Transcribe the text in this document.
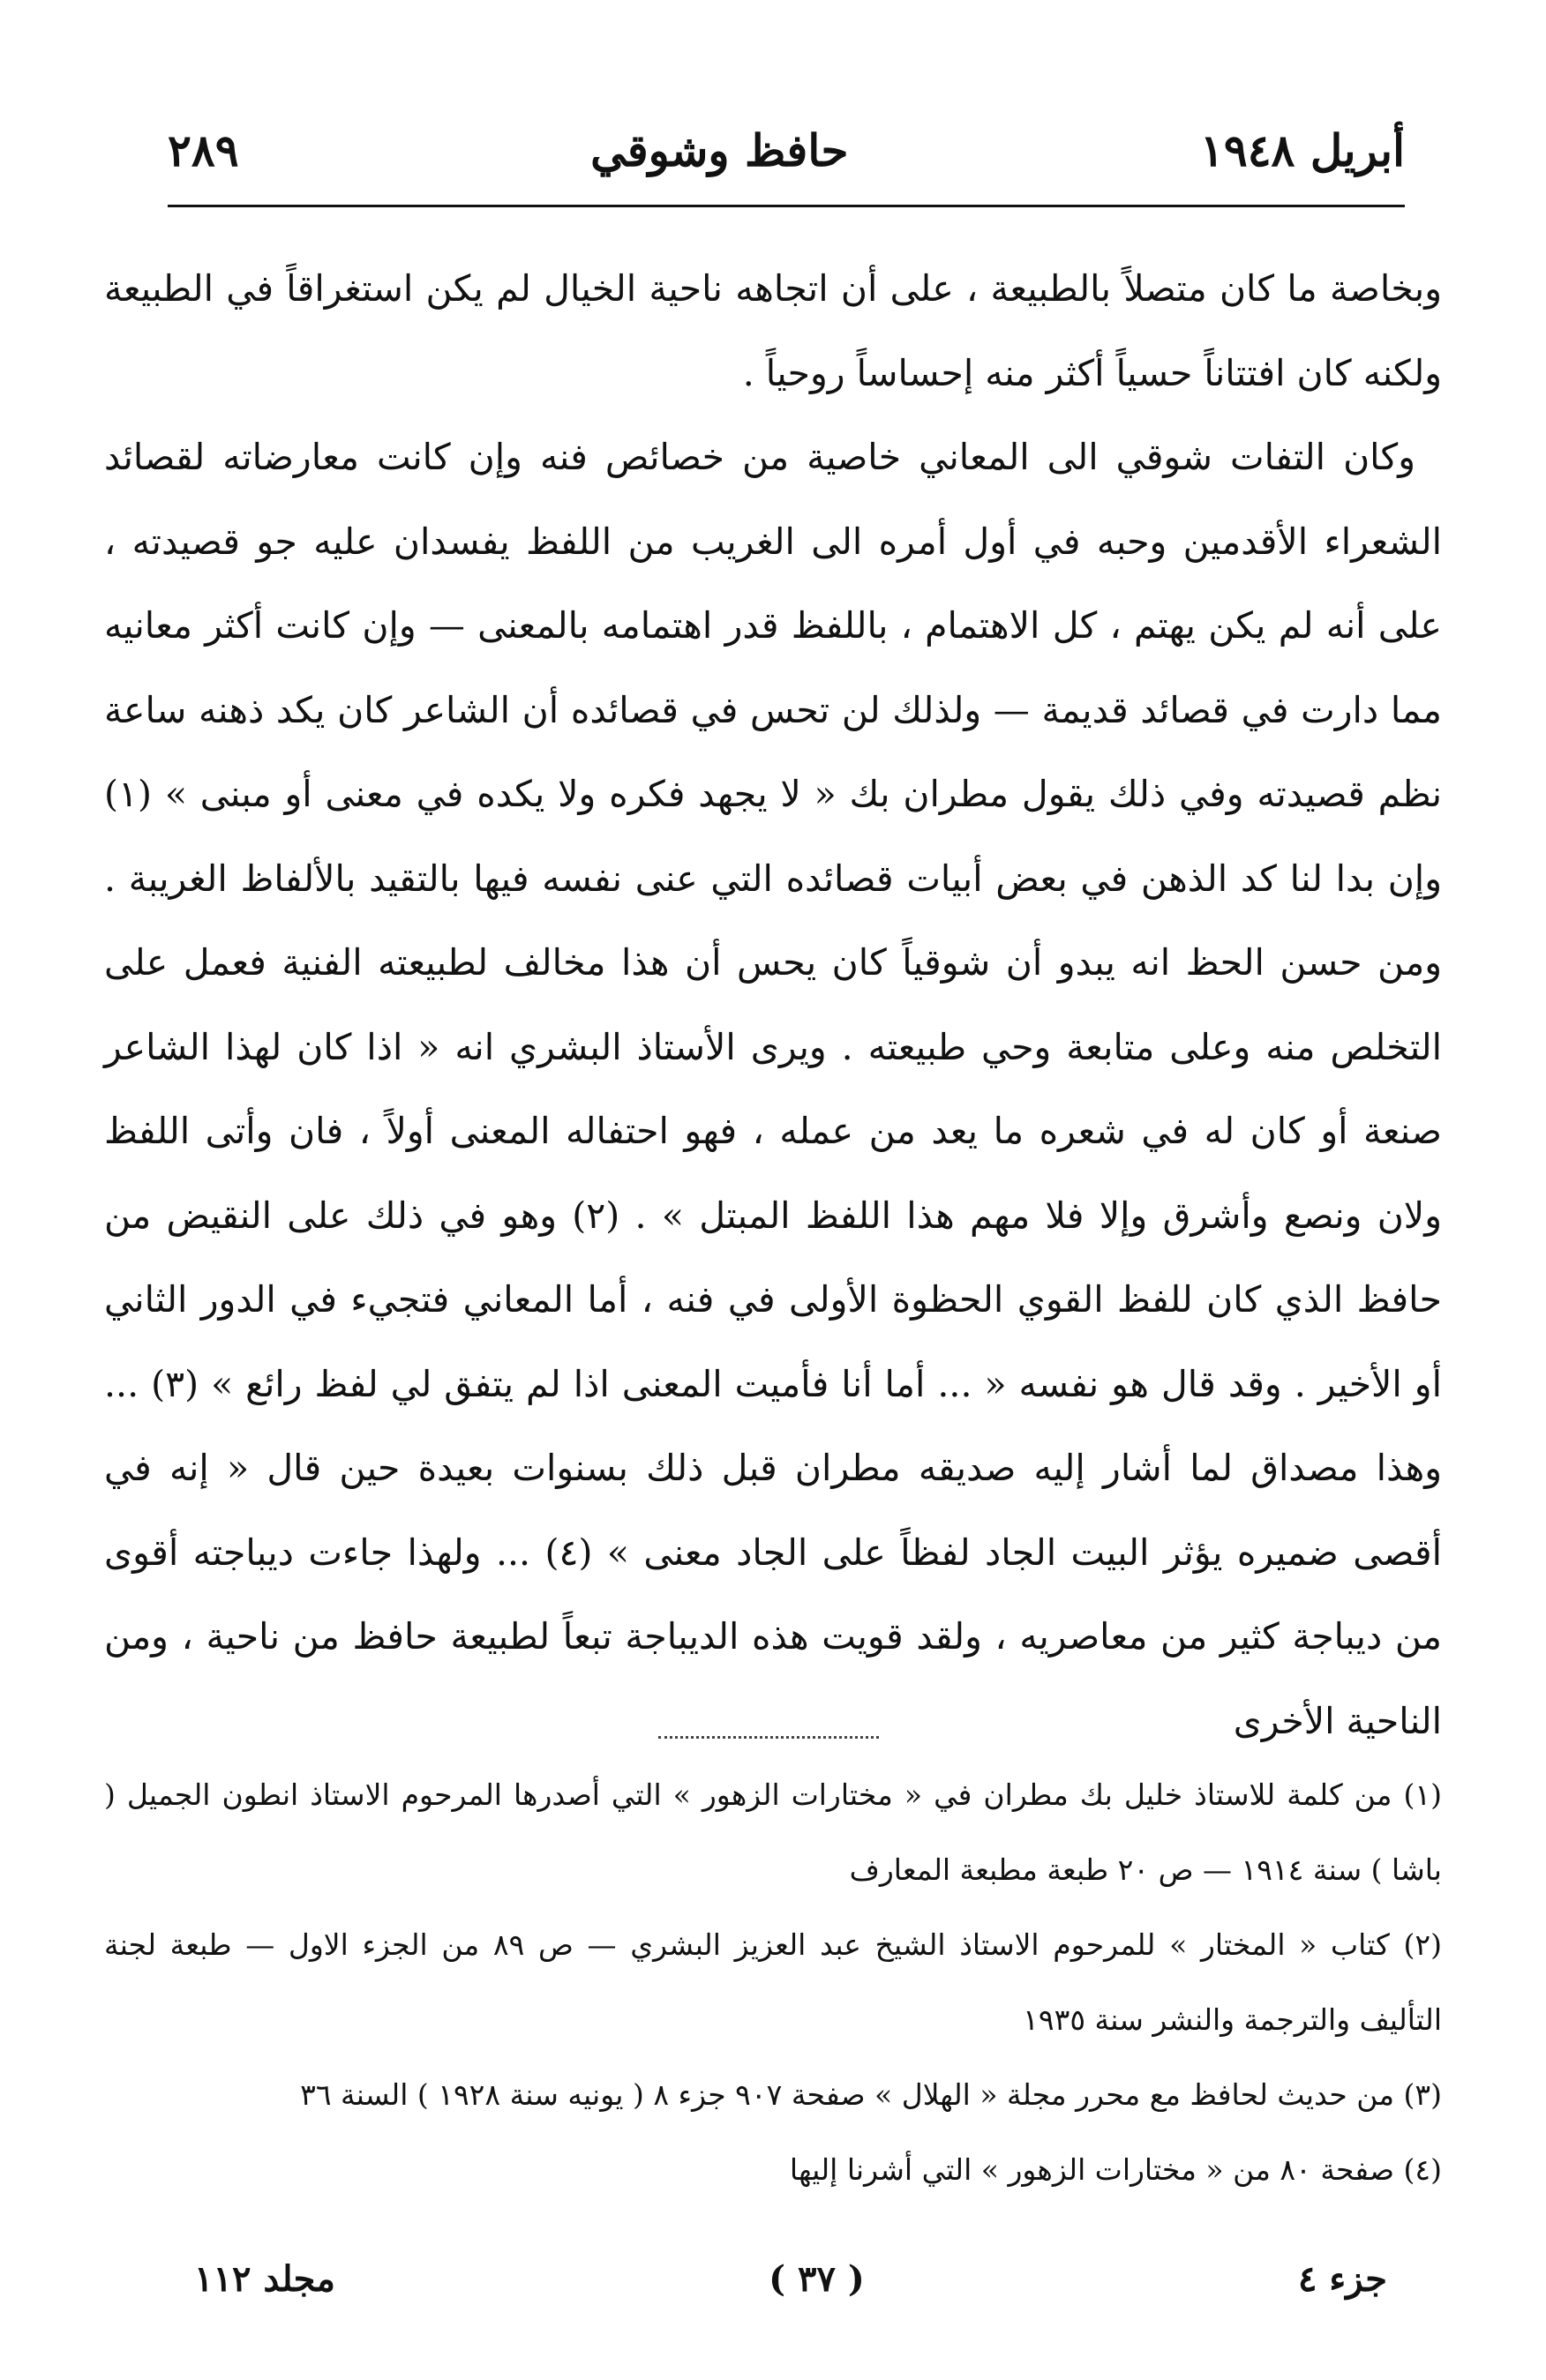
أبريل ١٩٤٨
حافظ وشوقي
٢٨٩

وبخاصة ما كان متصلاً بالطبيعة ، على أن اتجاهه ناحية الخيال لم يكن استغراقاً في الطبيعة ولكنه كان افتتاناً حسياً أكثر منه إحساساً روحياً .

وكان التفات شوقي الى المعاني خاصية من خصائص فنه وإن كانت معارضاته لقصائد الشعراء الأقدمين وحبه في أول أمره الى الغريب من اللفظ يفسدان عليه جو قصيدته ، على أنه لم يكن يهتم ، كل الاهتمام ، باللفظ قدر اهتمامه بالمعنى — وإن كانت أكثر معانيه مما دارت في قصائد قديمة — ولذلك لن تحس في قصائده أن الشاعر كان يكد ذهنه ساعة نظم قصيدته وفي ذلك يقول مطران بك « لا يجهد فكره ولا يكده في معنى أو مبنى » (١) وإن بدا لنا كد الذهن في بعض أبيات قصائده التي عنى نفسه فيها بالتقيد بالألفاظ الغريبة . ومن حسن الحظ انه يبدو أن شوقياً كان يحس أن هذا مخالف لطبيعته الفنية فعمل على التخلص منه وعلى متابعة وحي طبيعته . ويرى الأستاذ البشري انه « اذا كان لهذا الشاعر صنعة أو كان له في شعره ما يعد من عمله ، فهو احتفاله المعنى أولاً ، فان وأتى اللفظ ولان ونصع وأشرق وإلا فلا مهم هذا اللفظ المبتل » . (٢) وهو في ذلك على النقيض من حافظ الذي كان للفظ القوي الحظوة الأولى في فنه ، أما المعاني فتجيء في الدور الثاني أو الأخير . وقد قال هو نفسه « ... أما أنا فأميت المعنى اذا لم يتفق لي لفظ رائع » (٣) ... وهذا مصداق لما أشار إليه صديقه مطران قبل ذلك بسنوات بعيدة حين قال « إنه في أقصى ضميره يؤثر البيت الجاد لفظاً على الجاد معنى » (٤) ... ولهذا جاءت ديباجته أقوى من ديباجة كثير من معاصريه ، ولقد قويت هذه الديباجة تبعاً لطبيعة حافظ من ناحية ، ومن الناحية الأخرى

(١) من كلمة للاستاذ خليل بك مطران في « مختارات الزهور » التي أصدرها المرحوم الاستاذ انطون الجميل ( باشا ) سنة ١٩١٤ — ص ٢٠ طبعة مطبعة المعارف

(٢) كتاب « المختار » للمرحوم الاستاذ الشيخ عبد العزيز البشري — ص ٨٩ من الجزء الاول — طبعة لجنة التأليف والترجمة والنشر سنة ١٩٣٥

(٣) من حديث لحافظ مع محرر مجلة « الهلال » صفحة ٩٠٧ جزء ٨ ( يونيه سنة ١٩٢٨ ) السنة ٣٦

(٤) صفحة ٨٠ من « مختارات الزهور » التي أشرنا إليها

جزء ٤
( ٣٧ )
مجلد ١١٢
